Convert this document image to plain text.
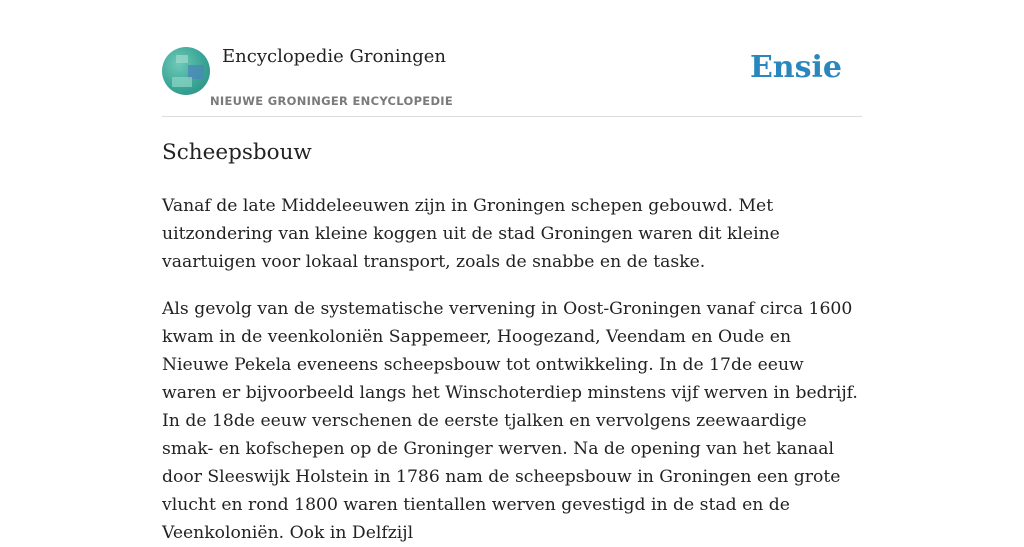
Encyclopedie Groningen
NIEUWE GRONINGER ENCYCLOPEDIE
Ensie
Scheepsbouw

Vanaf de late Middeleeuwen zijn in Groningen schepen gebouwd. Met uitzondering van kleine koggen uit de stad Groningen waren dit kleine vaartuigen voor lokaal transport, zoals de snabbe en de taske.

Als gevolg van de systematische vervening in Oost-Groningen vanaf circa 1600 kwam in de veenkoloniën Sappemeer, Hoogezand, Veendam en Oude en Nieuwe Pekela eveneens scheepsbouw tot ontwikkeling. In de 17de eeuw waren er bijvoorbeeld langs het Winschoterdiep minstens vijf werven in bedrijf. In de 18de eeuw verschenen de eerste tjalken en vervolgens zeewaardige smak- en kofschepen op de Groninger werven. Na de opening van het kanaal door Sleeswijk Holstein in 1786 nam de scheepsbouw in Groningen een grote vlucht en rond 1800 waren tientallen werven gevestigd in de stad en de Veenkoloniën. Ook in Delfzijl
